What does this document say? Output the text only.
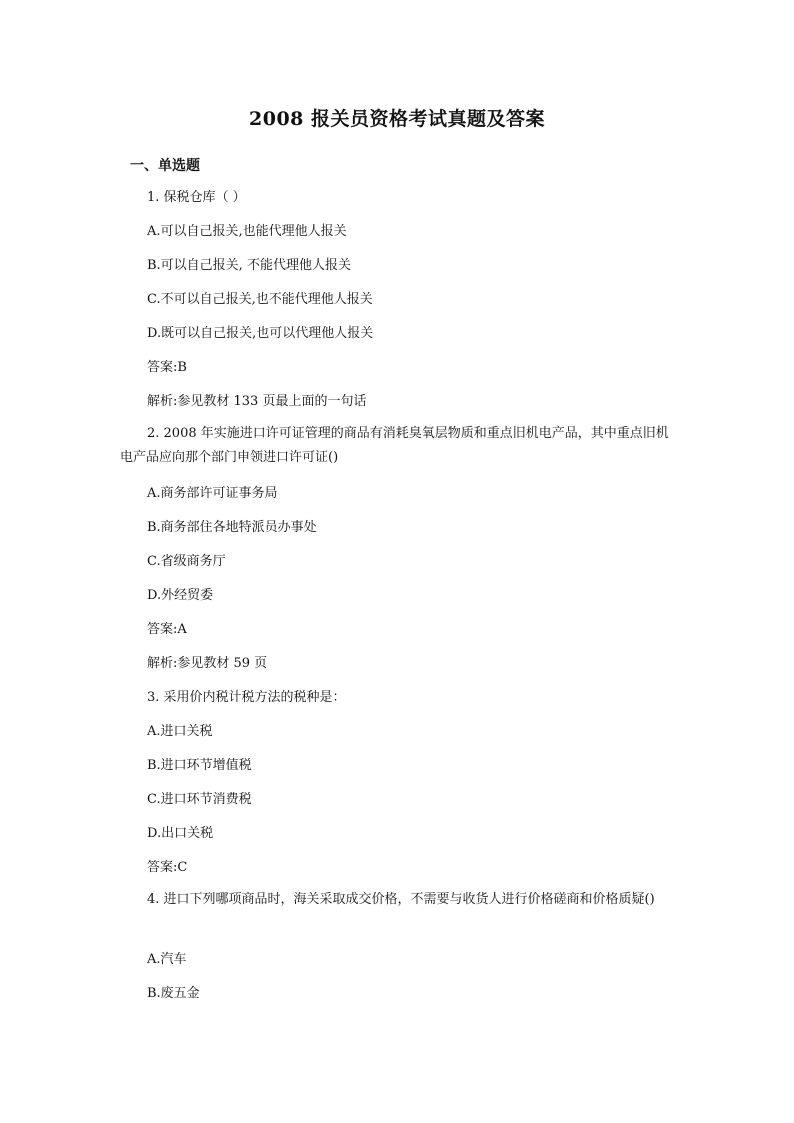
2008 报关员资格考试真题及答案
一、单选题
1. 保税仓库（ ）
A.可以自己报关,也能代理他人报关
B.可以自己报关, 不能代理他人报关
C.不可以自己报关,也不能代理他人报关
D.既可以自己报关,也可以代理他人报关
答案:B
解析:参见教材 133 页最上面的一句话
2. 2008 年实施进口许可证管理的商品有消耗臭氧层物质和重点旧机电产品，其中重点旧机电产品应向那个部门申领进口许可证()
A.商务部许可证事务局
B.商务部住各地特派员办事处
C.省级商务厅
D.外经贸委
答案:A
解析:参见教材 59 页
3. 采用价内税计税方法的税种是：
A.进口关税
B.进口环节增值税
C.进口环节消费税
D.出口关税
答案:C
4. 进口下列哪项商品时，海关采取成交价格，不需要与收货人进行价格磋商和价格质疑()
A.汽车
B.废五金
